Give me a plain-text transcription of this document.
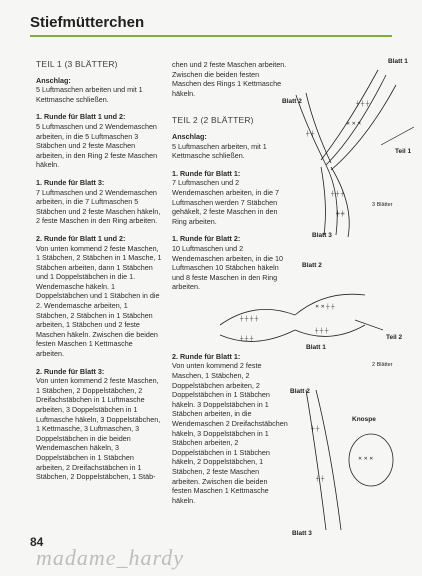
Stiefmütterchen
TEIL 1 (3 BLÄTTER)
Anschlag:
5 Luftmaschen arbeiten und mit 1 Kettmasche schließen.
1. Runde für Blatt 1 und 2:
5 Luftmaschen und 2 Wendemaschen arbeiten, in die 5 Luftmaschen 3 Stäbchen und 2 feste Maschen arbeiten, in den Ring 2 feste Maschen häkeln.
1. Runde für Blatt 3:
7 Luftmaschen und 2 Wendemaschen arbeiten, in die 7 Luftmaschen 5 Stäbchen und 2 feste Maschen häkeln, 2 feste Maschen in den Ring arbeiten.
2. Runde für Blatt 1 und 2:
Von unten kommend 2 feste Maschen, 1 Stäbchen, 2 Stäbchen in 1 Masche, 1 Stäbchen arbeiten, dann 1 Stäbchen und 1 Doppelstäbchen in die 1. Wendemasche häkeln. 1 Doppelstäbchen und 1 Stäbchen in die 2. Wendemasche arbeiten, 1 Stäbchen, 2 Stäbchen in 1 Stäbchen arbeiten, 1 Stäbchen und 2 feste Maschen häkeln. Zwischen die beiden festen Maschen 1 Kettmasche arbeiten.
2. Runde für Blatt 3:
Von unten kommend 2 feste Maschen, 1 Stäbchen, 2 Doppelstäbchen, 2 Dreifachstäbchen in 1 Luftmasche arbeiten, 3 Doppelstäbchen in 1 Luftmasche häkeln, 3 Doppelstäbchen, 1 Kettmasche, 3 Luftmaschen, 3 Doppelstäbchen in die beiden Wendemaschen häkeln, 3 Doppelstäbchen in 1 Stäbchen arbeiten, 2 Dreifachstäbchen in 1 Stäbchen, 2 Doppelstäbchen, 1 Stäb-
chen und 2 feste Maschen arbeiten. Zwischen die beiden festen Maschen des Rings 1 Kettmasche häkeln.
TEIL 2 (2 BLÄTTER)
Anschlag:
5 Luftmaschen arbeiten, mit 1 Kettmasche schließen.
1. Runde für Blatt 1:
7 Luftmaschen und 2 Wendemaschen arbeiten, in die 7 Luftmaschen werden 7 Stäbchen gehäkelt, 2 feste Maschen in den Ring arbeiten.
1. Runde für Blatt 2:
10 Luftmaschen und 2 Wendemaschen arbeiten, in die 10 Luftmaschen 10 Stäbchen häkeln und 8 feste Maschen in den Ring arbeiten.
2. Runde für Blatt 1:
Von unten kommend 2 feste Maschen, 1 Stäbchen, 2 Doppelstäbchen arbeiten, 2 Doppelstäbchen in 1 Stäbchen häkeln. 3 Doppelstäbchen in 1 Stäbchen arbeiten, in die Wendemaschen 2 Dreifachstäbchen häkeln, 3 Doppelstäbchen in 1 Stäbchen arbeiten, 2 Doppelstäbchen in 1 Stäbchen häkeln, 2 Doppelstäbchen, 1 Stäbchen, 2 feste Maschen arbeiten. Zwischen die beiden festen Maschen 1 Kettmasche häkeln.
✕ ✕ ✕
┼ ┼ ┼
┼ ┼
┼ ┼ ┼
╪ ╪
┼ ┼ ┼ ┼
┼ ┼ ┼
✕ ✕ ┼ ┼
┼ ┼ ┼
┼ ┼
┼ ┼
✕ ✕ ✕
Blatt 1
Blatt 2
Teil 1
3 Blätter
Blatt 3
Blatt 2
Teil 2
2 Blätter
Blatt 1
Blatt 2
Knospe
Blatt 3
84
madame_hardy
